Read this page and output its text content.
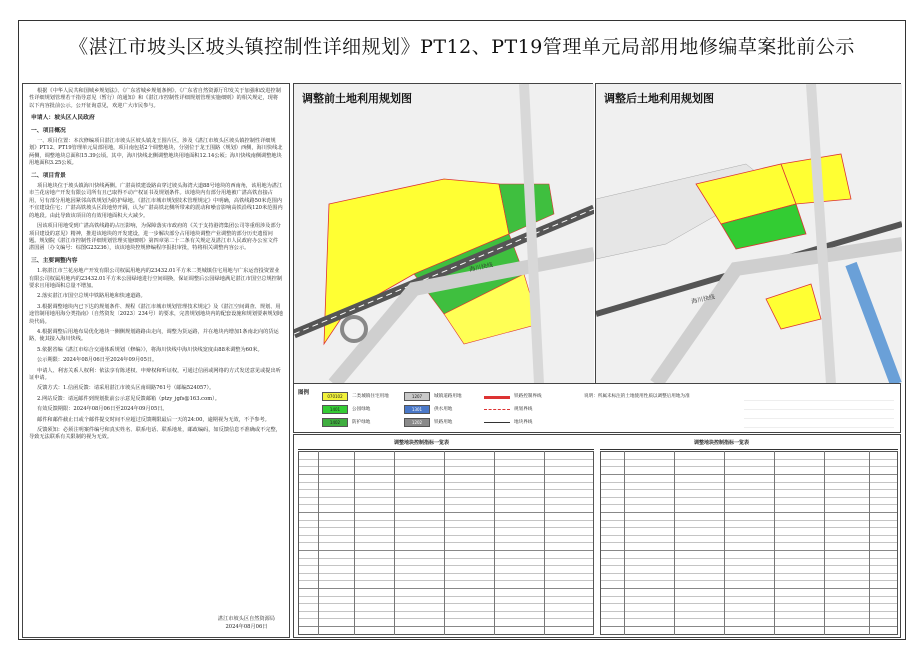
《湛江市坡头区坡头镇控制性详细规划》PT12、PT19管理单元局部用地修编草案批前公示

根据《中华人民共和国城乡规划法》、《广东省城乡规划条例》、《广东省自然资源厅印发关于加强和改进控制性详细规划管理若干指导意见（暂行）的通知》和《湛江市控制性详细规划管理实施细则》的相关规定，现将以下内容批前公示。公开征询意见，欢迎广大市民参与。

申请人：坡头区人民政府
一、项目概况

一、项目位置：本次修编项目湛江市坡头区坡头镇龙王围片区，涉及《湛江市坡头区坡头镇控制性详细规划》PT12、PT19管理单元局部用地，项目南包括2个调整地块，分别位于龙王围路（规划）西侧，海川快线北两侧，调整地块总面积15.39公顷。其中，海川快线北侧调整地块用地面积12.14公顷；海川快线南侧调整地块用地面积3.25公顷。

二、项目背景

项目地块位于坡头镇海川快线两侧。广湛高铁建设路由穿过坡头海湾大道88号地块的西南角，该用地为湛江市兰花房地产开发有限公司所有且已取得不动产权证书及规划条件。该地块内有部分用地被广湛高铁直接占用，另有部分用地因紧邻高铁规划为防护绿地。《湛江市城市规划技术管理规定》中明确，高铁线路50米范围内不宜建设住宅；广湛高铁坡头区段地势开阔，认为广湛高铁北侧所带来的震动和噪音影响高铁沿线120米范围内的地段。由此导致该项目的有效用地面积大大减少。

因该项目用地受到广湛高铁线路的占压影响，为保障落实市政府的《关于支持港湾集团公司等重组涉及部分项目建设的意见》精神，推进该地块的开发建设，进一步解决部分占用地块调整产业调整的部分历史遗留问题。规划院《湛江市控制性详细规划管理实施细则》第四章第二十二条有关规定及湛江市人民政府办公室文件湛国函〔办文编号：综图G23236〕，该该地块控规修编程序报批审批，特将相关调整内容公示。

三、主要调整内容

1.将湛江市兰花房地产开发有限公司权属用地内的23432.01平方米二类城镇住宅用地与广东运营投资置业有限公司权属用地内的23432.01平方米公园绿地进行空间调换，保证调整后公园绿地满足湛江市国空总规控制要求且用地面积总量不增加。

2.落实湛江市国空总规中铁路用地和快速道路。

3.根据调整地块内已下达的规划条件、规程《湛江市城市规划管理技术规定》及《湛江空间调查、规划、用途管制用地用海分类指南》（自然资发〔2023〕234号）的要求，完善规划地块内的配套设施和规划要素规划地块代码。

4.根据调整后用地布局优化地块一侧侧规划路路由走向，调整为货运路，并在地块内增加1条南北向的货运路，使其接入海川快线。

5.依据省编《湛江市综合交通体系规划（修编）》，将海川快线中海川快线宽度由88米调整为60米。

公示期限：2024年08月06日至2024年09月05日。

申请人、利害关系人权利：依法享有陈述权、申辩权和听证权，可通过信函或网络的方式发送意见或提出听证申请。

反馈方式：1.信函反馈：请采用湛江市坡头区南调路761号（邮编524057）。

2.网站反馈：请远邮件到规划批前公示意见反馈邮箱（ptzy_jgfs@163.com）。

有效反馈期限：2024年08月06日至2024年09月05日。

邮件和邮件截止日或个邮件提交时间不应超过反馈期限最后一天的24:00，逾期视为无效，不予参考。

反馈须知：必须注明案件编号和真实姓名、联系电话、联系地址，邮政编码，如反馈信息不准确或不完整，导致无法联系有关限制的视为无效。

湛江市坡头区自然资源局
2024年08月06日
调整前土地利用规划图
海川快线
调整后土地利用规划图
海川快线
图例
070102	二类城镇住宅用地
1401	公园绿地
1402	防护绿地
1207	城镇道路用地
1301	供水用地
1202	铁路用地
铁路控制界线
规划界线
地块界线
说明：所属未标注的土地使用性质以调整后用地为准
调整地块控制指标一览表	调整地块控制指标一览表
